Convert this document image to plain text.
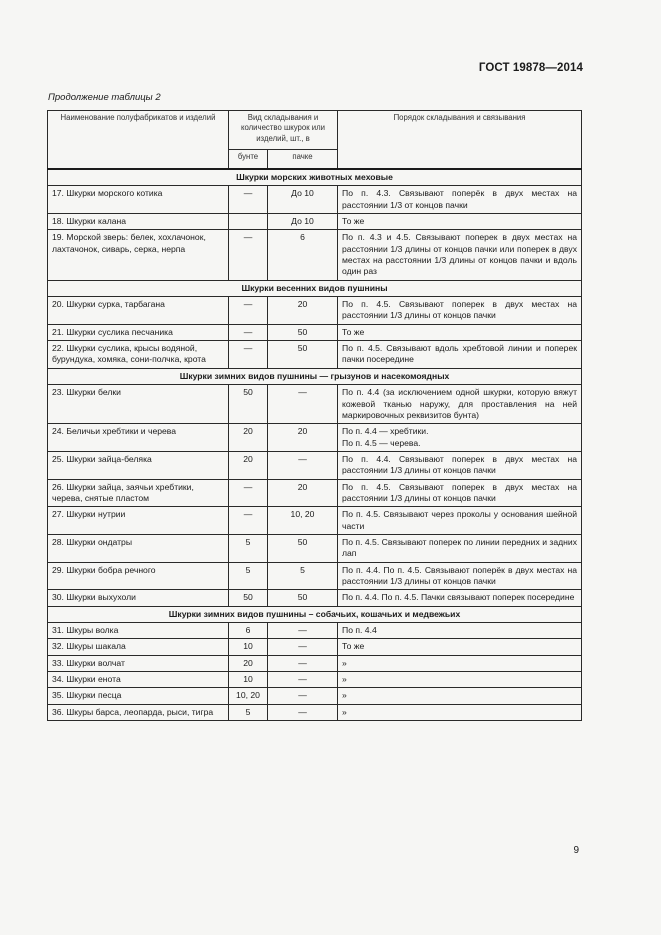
ГОСТ 19878—2014
Продолжение таблицы 2
Наименование полуфабрикатов и изделий	Вид складывания и количество шкурок или изделий, шт., в		Порядок складывания и связывания
	бунте	пачке	
Шкурки морских животных меховые			
17. Шкурки морского котика	—	До 10	По п. 4.3. Связывают поперёк в двух местах на расстоянии 1/3 от концов пачки
18. Шкурки калана		До 10	То же
19. Морской зверь: белек, хохлачонок, лахтачонок, сиварь, серка, нерпа	—	6	По п. 4.3 и 4.5. Связывают поперек в двух местах на расстоянии 1/3 длины от концов пачки или поперек в двух местах на расстоянии 1/3 длины от концов пачки и вдоль один раз
Шкурки весенних видов пушнины			
20. Шкурки сурка, тарбагана	—	20	По п. 4.5. Связывают поперек в двух местах на расстоянии 1/3 длины от концов пачки
21. Шкурки суслика песчаника	—	50	То же
22. Шкурки суслика, крысы водяной, бурундука, хомяка, сони-полчка, крота	—	50	По п. 4.5. Связывают вдоль хребтовой линии и поперек пачки посередине
Шкурки зимних видов пушнины — грызунов и насекомоядных			
23. Шкурки белки	50	—	По п. 4.4 (за исключением одной шкурки, которую вяжут кожевой тканью наружу, для проставления на ней маркировочных реквизитов бунта)
24. Беличьи хребтики и черева	20	20	По п. 4.4 — хребтики.
По п. 4.5 — черева.
25. Шкурки зайца-беляка	20	—	По п. 4.4. Связывают поперек в двух местах на расстоянии 1/3 длины от концов пачки
26. Шкурки зайца, заячьи хребтики, черева, снятые пластом	—	20	По п. 4.5. Связывают поперек в двух местах на расстоянии 1/3 длины от концов пачки
27. Шкурки нутрии	—	10, 20	По п. 4.5. Связывают через проколы у основания шейной части
28. Шкурки ондатры	5	50	По п. 4.5. Связывают поперек по линии передних и задних лап
29. Шкурки бобра речного	5	5	По п. 4.4. По п. 4.5. Связывают поперёк в двух местах на расстоянии 1/3 длины от концов пачки
30. Шкурки выхухоли	50	50	По п. 4.4. По п. 4.5. Пачки связывают поперек посередине
Шкурки зимних видов пушнины – собачьих, кошачьих и медвежьих			
31. Шкуры волка	6	—	По п. 4.4
32. Шкуры шакала	10	—	То же
33. Шкурки волчат	20	—	»
34. Шкурки енота	10	—	»
35. Шкурки песца	10, 20	—	»
36. Шкуры барса, леопарда, рыси, тигра	5	—	»
9
